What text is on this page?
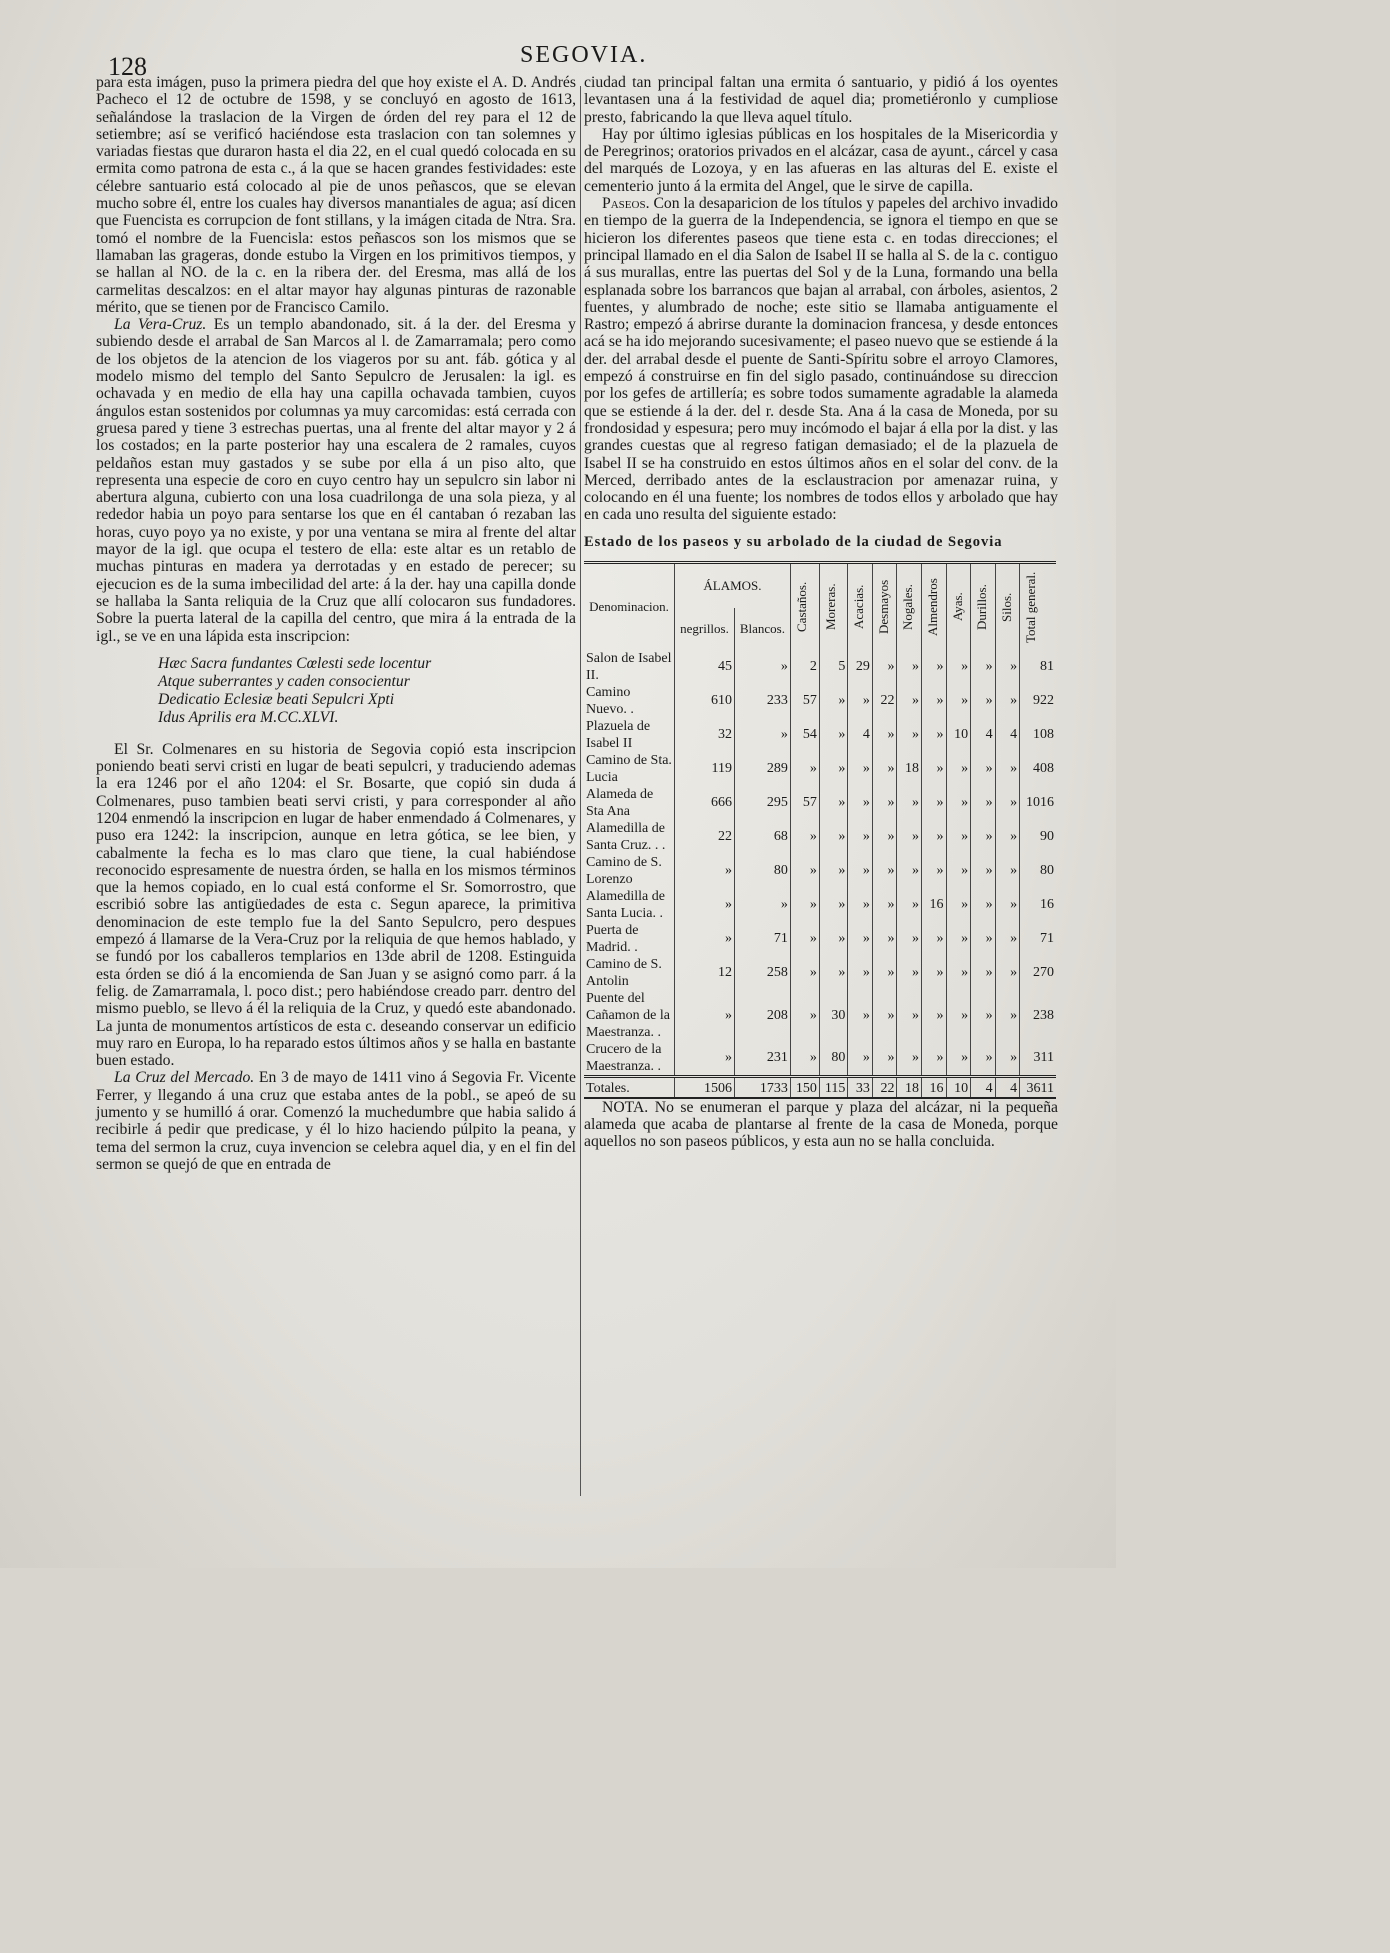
128	SEGOVIA.

para esta imágen, puso la primera piedra del que hoy existe el A. D. Andrés Pacheco el 12 de octubre de 1598, y se concluyó en agosto de 1613, señalándose la traslacion de la Virgen de órden del rey para el 12 de setiembre; así se verificó haciéndose esta traslacion con tan solemnes y variadas fiestas que duraron hasta el dia 22, en el cual quedó colocada en su ermita como patrona de esta c., á la que se hacen grandes festividades: este célebre santuario está colocado al pie de unos peñascos, que se elevan mucho sobre él, entre los cuales hay diversos manantiales de agua; así dicen que Fuencista es corrupcion de font stillans, y la imágen citada de Ntra. Sra. tomó el nombre de la Fuencisla: estos peñascos son los mismos que se llamaban las grageras, donde estubo la Virgen en los primitivos tiempos, y se hallan al NO. de la c. en la ribera der. del Eresma, mas allá de los carmelitas descalzos: en el altar mayor hay algunas pinturas de razonable mérito, que se tienen por de Francisco Camilo.

La Vera-Cruz. Es un templo abandonado, sit. á la der. del Eresma y subiendo desde el arrabal de San Marcos al l. de Zamarramala; pero como de los objetos de la atencion de los viageros por su ant. fáb. gótica y al modelo mismo del templo del Santo Sepulcro de Jerusalen: la igl. es ochavada y en medio de ella hay una capilla ochavada tambien, cuyos ángulos estan sostenidos por columnas ya muy carcomidas: está cerrada con gruesa pared y tiene 3 estrechas puertas, una al frente del altar mayor y 2 á los costados; en la parte posterior hay una escalera de 2 ramales, cuyos peldaños estan muy gastados y se sube por ella á un piso alto, que representa una especie de coro en cuyo centro hay un sepulcro sin labor ni abertura alguna, cubierto con una losa cuadrilonga de una sola pieza, y al rededor habia un poyo para sentarse los que en él cantaban ó rezaban las horas, cuyo poyo ya no existe, y por una ventana se mira al frente del altar mayor de la igl. que ocupa el testero de ella: este altar es un retablo de muchas pinturas en madera ya derrotadas y en estado de perecer; su ejecucion es de la suma imbecilidad del arte: á la der. hay una capilla donde se hallaba la Santa reliquia de la Cruz que allí colocaron sus fundadores. Sobre la puerta lateral de la capilla del centro, que mira á la entrada de la igl., se ve en una lápida esta inscripcion:

Hæc Sacra fundantes Cœlesti sede locentur
Atque suberrantes y caden consocientur
Dedicatio Eclesiæ beati Sepulcri Xpti
Idus Aprilis era M.CC.XLVI.

El Sr. Colmenares en su historia de Segovia copió esta inscripcion poniendo beati servi cristi en lugar de beati sepulcri, y traduciendo ademas la era 1246 por el año 1204: el Sr. Bosarte, que copió sin duda á Colmenares, puso tambien beati servi cristi, y para corresponder al año 1204 enmendó la inscripcion en lugar de haber enmendado á Colmenares, y puso era 1242: la inscripcion, aunque en letra gótica, se lee bien, y cabalmente la fecha es lo mas claro que tiene, la cual habiéndose reconocido espresamente de nuestra órden, se halla en los mismos términos que la hemos copiado, en lo cual está conforme el Sr. Somorrostro, que escribió sobre las antigüedades de esta c. Segun aparece, la primitiva denominacion de este templo fue la del Santo Sepulcro, pero despues empezó á llamarse de la Vera-Cruz por la reliquia de que hemos hablado, y se fundó por los caballeros templarios en 13de abril de 1208. Estinguida esta órden se dió á la encomienda de San Juan y se asignó como parr. á la felig. de Zamarramala, l. poco dist.; pero habiéndose creado parr. dentro del mismo pueblo, se llevo á él la reliquia de la Cruz, y quedó este abandonado. La junta de monumentos artísticos de esta c. deseando conservar un edificio muy raro en Europa, lo ha reparado estos últimos años y se halla en bastante buen estado.

La Cruz del Mercado. En 3 de mayo de 1411 vino á Segovia Fr. Vicente Ferrer, y llegando á una cruz que estaba antes de la pobl., se apeó de su jumento y se humilló á orar. Comenzó la muchedumbre que habia salido á recibirle á pedir que predicase, y él lo hizo haciendo púlpito la peana, y tema del sermon la cruz, cuya invencion se celebra aquel dia, y en el fin del sermon se quejó de que en entrada de

ciudad tan principal faltan una ermita ó santuario, y pidió á los oyentes levantasen una á la festividad de aquel dia; prometiéronlo y cumpliose presto, fabricando la que lleva aquel título.

Hay por último iglesias públicas en los hospitales de la Misericordia y de Peregrinos; oratorios privados en el alcázar, casa de ayunt., cárcel y casa del marqués de Lozoya, y en las afueras en las alturas del E. existe el cementerio junto á la ermita del Angel, que le sirve de capilla.

Paseos. Con la desaparicion de los títulos y papeles del archivo invadido en tiempo de la guerra de la Independencia, se ignora el tiempo en que se hicieron los diferentes paseos que tiene esta c. en todas direcciones; el principal llamado en el dia Salon de Isabel II se halla al S. de la c. contiguo á sus murallas, entre las puertas del Sol y de la Luna, formando una bella esplanada sobre los barrancos que bajan al arrabal, con árboles, asientos, 2 fuentes, y alumbrado de noche; este sitio se llamaba antiguamente el Rastro; empezó á abrirse durante la dominacion francesa, y desde entonces acá se ha ido mejorando sucesivamente; el paseo nuevo que se estiende á la der. del arrabal desde el puente de Santi-Spíritu sobre el arroyo Clamores, empezó á construirse en fin del siglo pasado, continuándose su direccion por los gefes de artillería; es sobre todos sumamente agradable la alameda que se estiende á la der. del r. desde Sta. Ana á la casa de Moneda, por su frondosidad y espesura; pero muy incómodo el bajar á ella por la dist. y las grandes cuestas que al regreso fatigan demasiado; el de la plazuela de Isabel II se ha construido en estos últimos años en el solar del conv. de la Merced, derribado antes de la esclaustracion por amenazar ruina, y colocando en él una fuente; los nombres de todos ellos y arbolado que hay en cada uno resulta del siguiente estado:

Estado de los paseos y su arbolado de la ciudad de Segovia
Denominacion.	ÁLAMOS.		Castaños.	Moreras.	Acacias.	Desmayos	Nogales.	Almendros	Ayas.	Durillos.	Silos.	Total general.

	negrillos.	Blancos.										
Salon de Isabel II.	45	»	2	5	29	»	»	»	»	»	»	81
Camino Nuevo. .	610	233	57	»	»	22	»	»	»	»	»	922
Plazuela de Isabel II	32	»	54	»	4	»	»	»	10	4	4	108
Camino de Sta. Lucia	119	289	»	»	»	»	18	»	»	»	»	408
Alameda de Sta Ana	666	295	57	»	»	»	»	»	»	»	»	1016
Alamedilla de Santa Cruz. . .	22	68	»	»	»	»	»	»	»	»	»	90
Camino de S. Lorenzo	»	80	»	»	»	»	»	»	»	»	»	80
Alamedilla de Santa Lucia. .	»	»	»	»	»	»	»	16	»	»	»	16
Puerta de Madrid. .	»	71	»	»	»	»	»	»	»	»	»	71
Camino de S. Antolin	12	258	»	»	»	»	»	»	»	»	»	270
Puente del Cañamon de la Maestranza. .	»	208	»	30	»	»	»	»	»	»	»	238
Crucero de la Maestranza. .	»	231	»	80	»	»	»	»	»	»	»	311
Totales.	1506	1733	150	115	33	22	18	16	10	4	4	3611

NOTA. No se enumeran el parque y plaza del alcázar, ni la pequeña alameda que acaba de plantarse al frente de la casa de Moneda, porque aquellos no son paseos públicos, y esta aun no se halla concluida.
